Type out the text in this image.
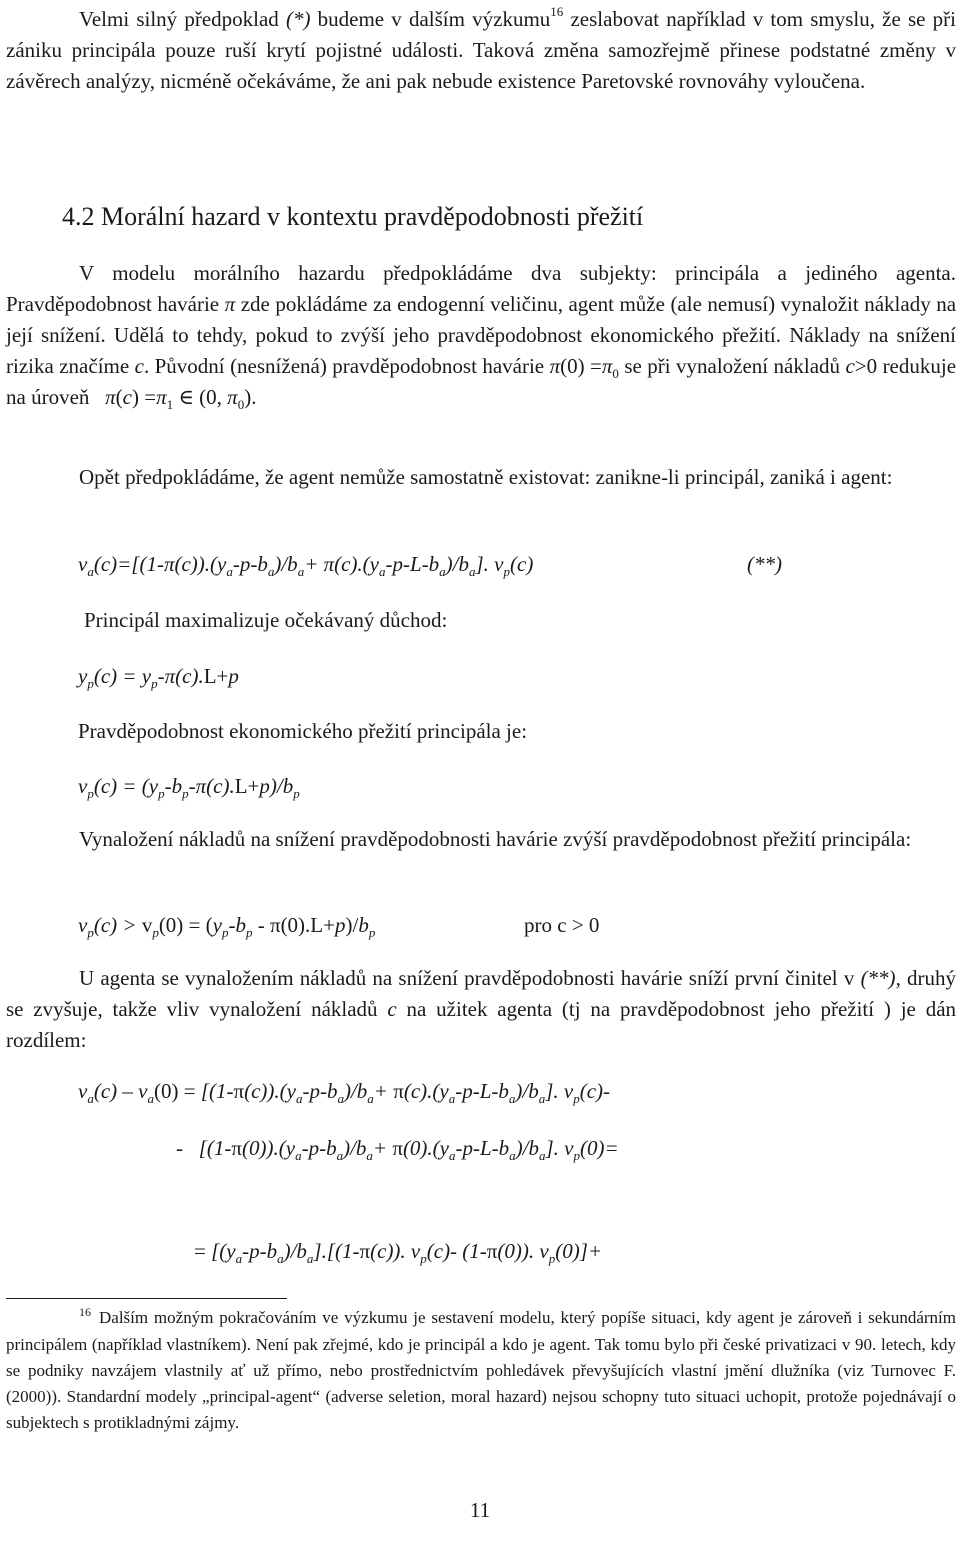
Velmi silný předpoklad (*) budeme v dalším výzkumu$^{16}$ zeslabovat například v tom smyslu, že se při zániku principála pouze ruší krytí pojistné události. Taková změna samozřejmě přinese podstatné změny v závěrech analýzy, nicméně očekáváme, že ani pak nebude existence Paretovské rovnováhy vyloučena.

4.2 Morální hazard v kontextu pravděpodobnosti přežití

V modelu morálního hazardu předpokládáme dva subjekty: principála a jediného agenta. Pravděpodobnost havárie π zde pokládáme za endogenní veličinu, agent může (ale nemusí) vynaložit náklady na její snížení. Udělá to tehdy, pokud to zvýší jeho pravděpodobnost ekonomického přežití. Náklady na snížení rizika značíme c. Původní (nesnížená) pravděpodobnost havárie $\pi(0) =\pi_0$ se při vynaložení nákladů c>0 redukuje na úroveň $\pi(c) =\pi_1$ ∈ (0, $\pi_0$).

Opět předpokládáme, že agent nemůže samostatně existovat: zanikne-li principál, zaniká i agent:

$v_a(c)=[(1-\pi(c)).(y_a-p-b_a)/b_a+ \pi(c).(y_a-p-L-b_a)/b_a]$. $v_p(c)$	(**)
Principál maximalizuje očekávaný důchod:
$y_p(c) = y_p-\pi(c).L+p$
Pravděpodobnost ekonomického přežití principála je:
$v_p(c) = (y_p-b_p-\pi(c).L+p)/b_p$

Vynaložení nákladů na snížení pravděpodobnosti havárie zvýší pravděpodobnost přežití principála:

$v_p(c) > v_p(0) = (y_p-b_p - \pi(0).L+p)/b_p$	pro c > 0

U agenta se vynaložením nákladů na snížení pravděpodobnosti havárie sníží první činitel v (**), druhý se zvyšuje, takže vliv vynaložení nákladů c na užitek agenta (tj na pravděpodobnost jeho přežití ) je dán rozdílem:

$v_a(c) - v_a(0) = [(1-\pi(c)).(y_a-p-b_a)/b_a+ \pi(c).(y_a-p-L-b_a)/b_a]$. $v_p(c)-$
-   $[(1-\pi(0)).(y_a-p-b_a)/b_a+ \pi(0).(y_a-p-L-b_a)/b_a]$. $v_p(0)=$
= $[(y_a-p-b_a)/b_a].[(1-\pi(c))$. $v_p(c)-$ (1-π(0)). $v_p(0)]+$

$^{16}$ Dalším možným pokračováním ve výzkumu je sestavení modelu, který popíše situaci, kdy agent je zároveň i sekundárním principálem (například vlastníkem). Není pak zřejmé, kdo je principál a kdo je agent. Tak tomu bylo při české privatizaci v 90. letech, kdy se podniky navzájem vlastnily ať už přímo, nebo prostřednictvím pohledávek převyšujících vlastní jmění dlužníka (viz Turnovec F. (2000)). Standardní modely „principal-agent“ (adverse seletion, moral hazard) nejsou schopny tuto situaci uchopit, protože pojednávají o subjektech s protikladnými zájmy.

11
